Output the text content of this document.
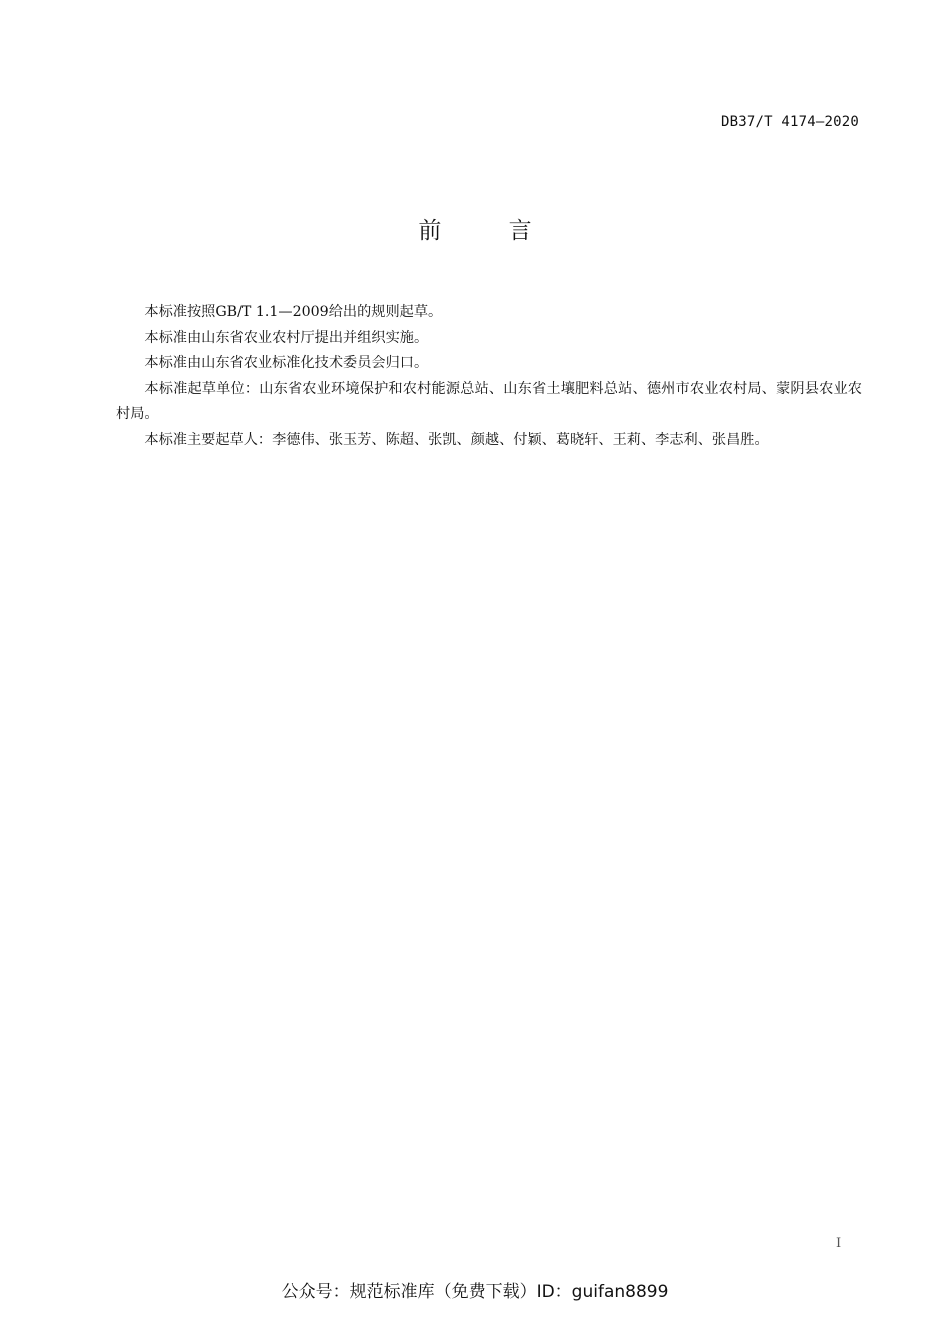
DB37/T 4174—2020
前 言

本标准按照GB/T 1.1—2009给出的规则起草。

本标准由山东省农业农村厅提出并组织实施。

本标准由山东省农业标准化技术委员会归口。

本标准起草单位：山东省农业环境保护和农村能源总站、山东省土壤肥料总站、德州市农业农村局、蒙阴县农业农村局。

本标准主要起草人：李德伟、张玉芳、陈超、张凯、颜越、付颖、葛晓轩、王莉、李志利、张昌胜。

I
公众号：规范标准库（免费下载）ID：guifan8899
